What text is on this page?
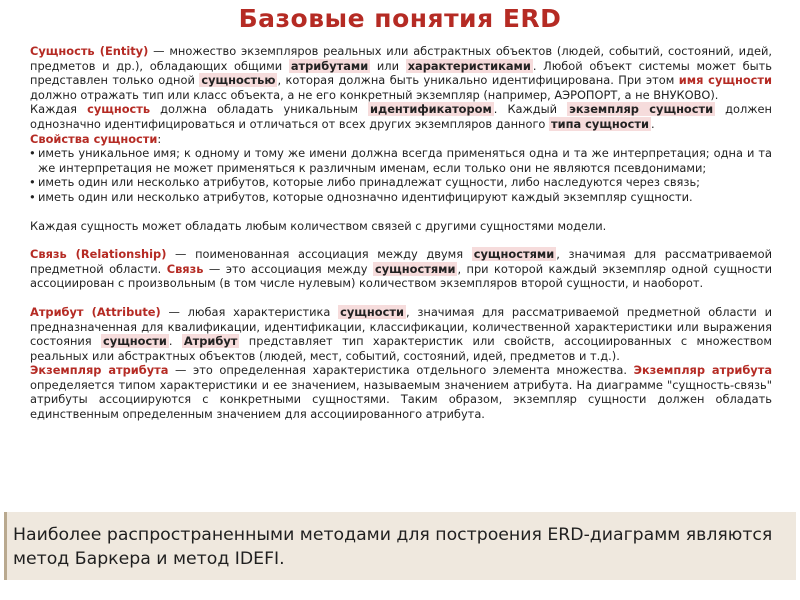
Базовые понятия ERD

Сущность (Entity) — множество экземпляров реальных или абстрактных объектов (людей, событий, состояний, идей, предметов и др.), обладающих общими атрибутами или характеристиками . Любой объект системы может быть представлен только одной сущностью , которая должна быть уникально идентифицирована. При этом имя сущности должно отражать тип или класс объекта, а не его конкретный экземпляр (например, АЭРОПОРТ, а не ВНУКОВО).

Каждая сущность должна обладать уникальным идентификатором . Каждый экземпляр сущности должен однозначно идентифицироваться и отличаться от всех других экземпляров данного типа сущности .

Свойства сущности:

• иметь уникальное имя; к одному и тому же имени должна всегда применяться одна и та же интерпретация; одна и та же интерпретация не может применяться к различным именам, если только они не являются псевдонимами;
• иметь один или несколько атрибутов, которые либо принадлежат сущности, либо наследуются через связь;
• иметь один или несколько атрибутов, которые однозначно идентифицируют каждый экземпляр сущности.

Каждая сущность может обладать любым количеством связей с другими сущностями модели.

Связь (Relationship) — поименованная ассоциация между двумя сущностями , значимая для рассматриваемой предметной области. Связь — это ассоциация между сущностями , при которой каждый экземпляр одной сущности ассоциирован с произвольным (в том числе нулевым) количеством экземпляров второй сущности, и наоборот.

Атрибут (Attribute) — любая характеристика сущности , значимая для рассматриваемой предметной области и предназначенная для квалификации, идентификации, классификации, количественной характеристики или выражения состояния сущности . Атрибут представляет тип характеристик или свойств, ассоциированных с множеством реальных или абстрактных объектов (людей, мест, событий, состояний, идей, предметов и т.д.).

Экземпляр атрибута — это определенная характеристика отдельного элемента множества. Экземпляр атрибута определяется типом характеристики и ее значением, называемым значением атрибута. На диаграмме "сущность-связь" атрибуты ассоциируются с конкретными сущностями. Таким образом, экземпляр сущности должен обладать единственным определенным значением для ассоциированного атрибута.

Наиболее распространенными методами для построения ERD-диаграмм являются метод Баркера и метод IDEFI.
